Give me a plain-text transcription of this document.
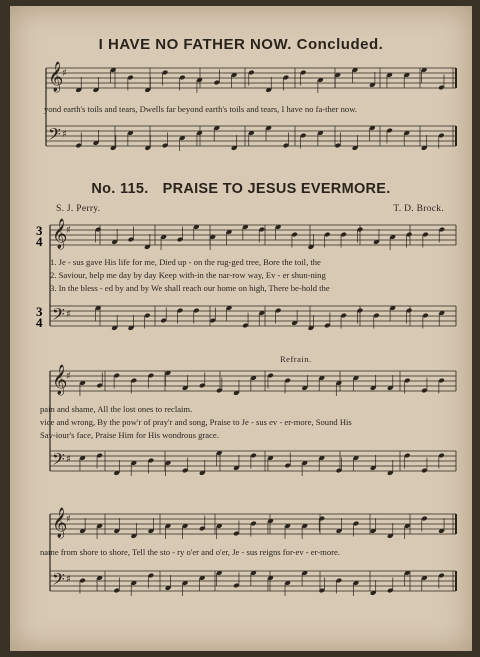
I HAVE NO FATHER NOW. Concluded.
No. 115. PRAISE TO JESUS EVERMORE.
S. J. Perry.	T. D. Brock.
Refrain.
yond earth's toils and tears, Dwells far beyond earth's toils and tears, I have no fa-ther now.
1. Je - sus gave His life for me, Died up - on the rug-ged tree, Bore the toil, the
2. Saviour, help me day by day Keep with-in the nar-row way, Ev - er shun-ning
3. In the bless - ed by and by We shall reach our home on high, There be-hold the
pain and shame, All the lost ones to reclaim.
vice and wrong, By the pow'r of pray'r and song, Praise to Je - sus ev - er-more, Sound His
Sav-iour's face, Praise Him for His wondrous grace.
name from shore to shore, Tell the sto - ry o'er and o'er, Je - sus reigns for-ev - er-more.
𝄞
𝄢
♯
♯
𝄞
𝄢
♯
♯
𝄞
𝄢
♯
♯
𝄞
𝄢
♯
♯
3
4
3
4
